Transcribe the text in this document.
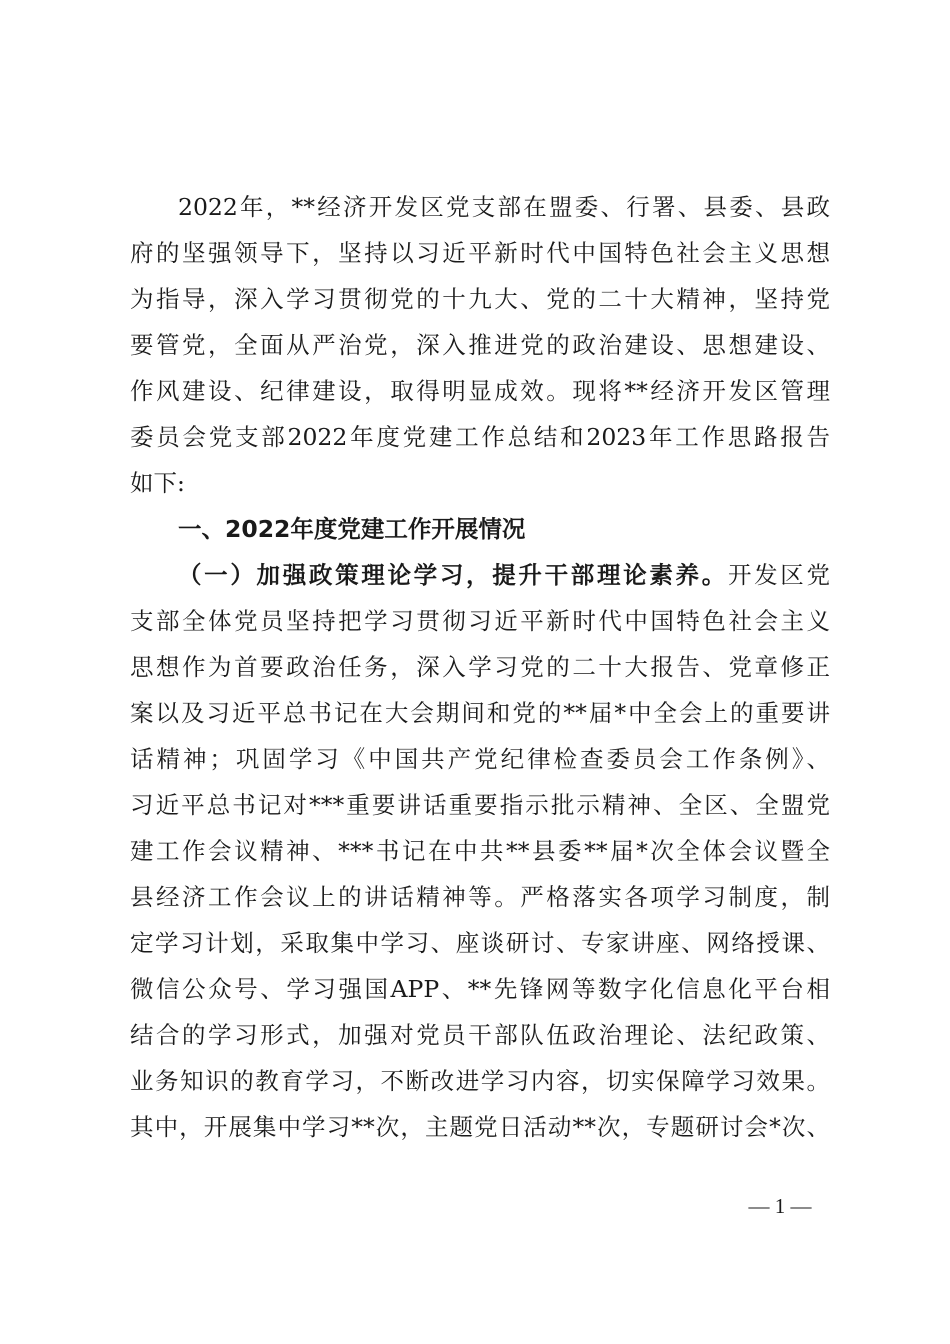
2022年，**经济开发区党支部在盟委、行署、县委、县政
府的坚强领导下，坚持以习近平新时代中国特色社会主义思想
为指导，深入学习贯彻党的十九大、党的二十大精神，坚持党
要管党，全面从严治党，深入推进党的政治建设、思想建设、
作风建设、纪律建设，取得明显成效。现将**经济开发区管理
委员会党支部2022年度党建工作总结和2023年工作思路报告
如下:
一、2022年度党建工作开展情况
（一）加强政策理论学习，提升干部理论素养。开发区党
支部全体党员坚持把学习贯彻习近平新时代中国特色社会主义
思想作为首要政治任务，深入学习党的二十大报告、党章修正
案以及习近平总书记在大会期间和党的**届*中全会上的重要讲
话精神；巩固学习《中国共产党纪律检查委员会工作条例》、
习近平总书记对***重要讲话重要指示批示精神、全区、全盟党
建工作会议精神、***书记在中共**县委**届*次全体会议暨全
县经济工作会议上的讲话精神等。严格落实各项学习制度，制
定学习计划，采取集中学习、座谈研讨、专家讲座、网络授课、
微信公众号、学习强国APP、**先锋网等数字化信息化平台相
结合的学习形式，加强对党员干部队伍政治理论、法纪政策、
业务知识的教育学习，不断改进学习内容，切实保障学习效果。
其中，开展集中学习**次，主题党日活动**次，专题研讨会*次、
— 1 —
